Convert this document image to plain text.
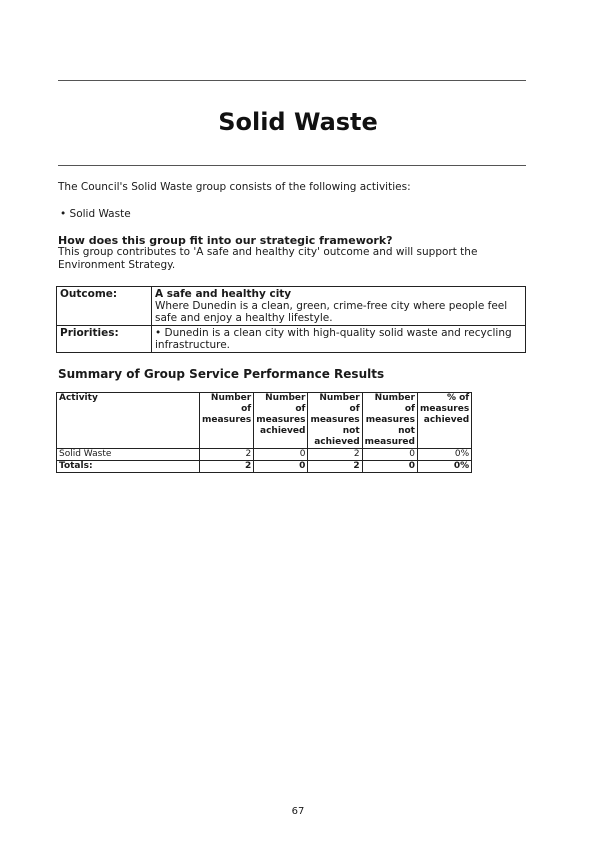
Solid Waste
The Council's Solid Waste group consists of the following activities:
• Solid Waste
How does this group fit into our strategic framework?
This group contributes to 'A safe and healthy city' outcome and will support the Environment Strategy.
Outcome:	A safe and healthy city
Where Dunedin is a clean, green, crime-free city where people feel safe and enjoy a healthy lifestyle.

Priorities:	• Dunedin is a clean city with high-quality solid waste and recycling infrastructure.
Summary of Group Service Performance Results
Activity	Number of measures	Number of measures achieved	Number of measures not achieved	Number of measures not measured	% of measures achieved
Solid Waste	2	0	2	0	0%
Totals:	2	0	2	0	0%
67
